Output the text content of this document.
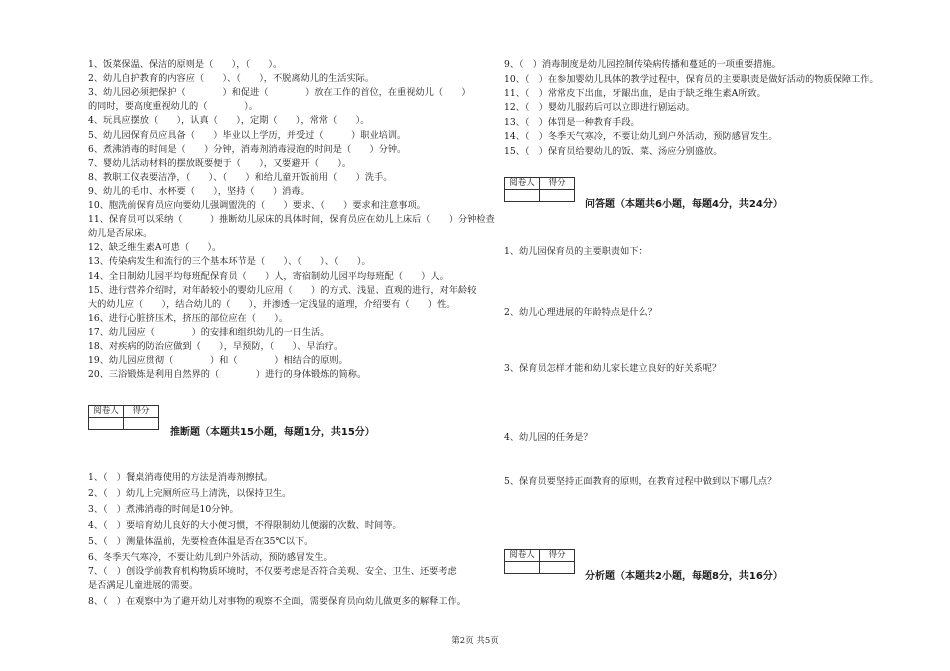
1、饭菜保温、保洁的原则是（　　），（　　）。
2、幼儿自护教育的内容应（　　）、（　　），不脱离幼儿的生活实际。
3、幼儿园必须把保护（　　　　）和促进（　　　　）放在工作的首位，在重视幼儿（　　）
的同时，要高度重视幼儿的（　　　　）。
4、玩具应摆放（　　），认真（　　），定期（　　），常常（　　）。
5、幼儿园保育员应具备（　　）毕业以上学历，并受过（　　　）职业培训。
6、煮沸消毒的时间是（　　）分钟，消毒剂消毒浸泡的时间是（　　）分钟。
7、婴幼儿活动材料的摆放既要便于（　　），又要避开（　　）。
8、教职工仪表要洁净，（　　）、（　　）和给儿童开饭前用（　　）洗手。
9、幼儿的毛巾、水杯要（　　），坚持（　　）消毒。
10、胞洗前保育员应向要幼儿强调盥洗的（　　）要求、（　　）要求和注意事项。
11、保育员可以采纳（　　　）推断幼儿尿床的具体时间，保育员应在幼儿上床后（　　）分钟检查
幼儿是否尿床。
12、缺乏维生素A可患（　　）。
13、传染病发生和流行的三个基本环节是（　　）、（　　）、（　　）。
14、全日制幼儿园平均每班配保育员（　　）人，寄宿制幼儿园平均每班配（　　）人。
15、进行营养介绍时，对年龄较小的婴幼儿应用（　　）的方式、浅显、直观的进行，对年龄较
大的幼儿应（　　），结合幼儿的（　　），并渗透一定浅显的道理，介绍要有（　　）性。
16、进行心脏挤压术，挤压的部位应在（　　）。
17、幼儿园应（　　　　）的安排和组织幼儿的一日生活。
18、对疾病的防治应做到（　　），早预防，（　　）、早治疗。
19、幼儿园应贯彻（　　　　）和（　　　　）相结合的原则。
20、三浴锻炼是利用自然界的（　　　　）进行的身体锻炼的简称。
阅卷人	得分

推断题（本题共15小题，每题1分，共15分）
1、（　）餐桌消毒使用的方法是消毒剂擦拭。
2、（　）幼儿上完厕所应马上清洗，以保持卫生。
3、（　）煮沸消毒的时间是10分钟。
4、（　）要培育幼儿良好的大小便习惯，不得限制幼儿便溺的次数、时间等。
5、（　）测量体温前，先要检查体温是否在35℃以下。
6、冬季天气寒冷，不要让幼儿到户外活动，预防感冒发生。
7、（　）创设学前教育机构物质环境时，不仅要考虑是否符合美观、安全、卫生、还要考虑
是否满足儿童进展的需要。
8、（　）在观察中为了避开幼儿对事物的观察不全面，需要保育员向幼儿做更多的解释工作。
9、（　）消毒制度是幼儿园控制传染病传播和蔓延的一项重要措施。
10、（　）在参加婴幼儿具体的教学过程中，保育员的主要职责是做好活动的物质保障工作。
11、（　）常常皮下出血，牙龈出血，是由于缺乏维生素A所致。
12、（　）婴幼儿服药后可以立即进行剧运动。
13、（　）体罚是一种教育手段。
14、（　）冬季天气寒冷，不要让幼儿到户外活动，预防感冒发生。
15、（　）保育员给婴幼儿的饭、菜、汤应分别盛放。
阅卷人	得分

问答题（本题共6小题，每题4分，共24分）
1、幼儿园保育员的主要职责如下：
2、幼儿心理进展的年龄特点是什么？
3、保育员怎样才能和幼儿家长建立良好的好关系呢？
4、幼儿园的任务是？
5、保育员要坚持正面教育的原则，在教育过程中做到以下哪几点？
阅卷人	得分

分析题（本题共2小题，每题8分，共16分）
第2页 共5页
